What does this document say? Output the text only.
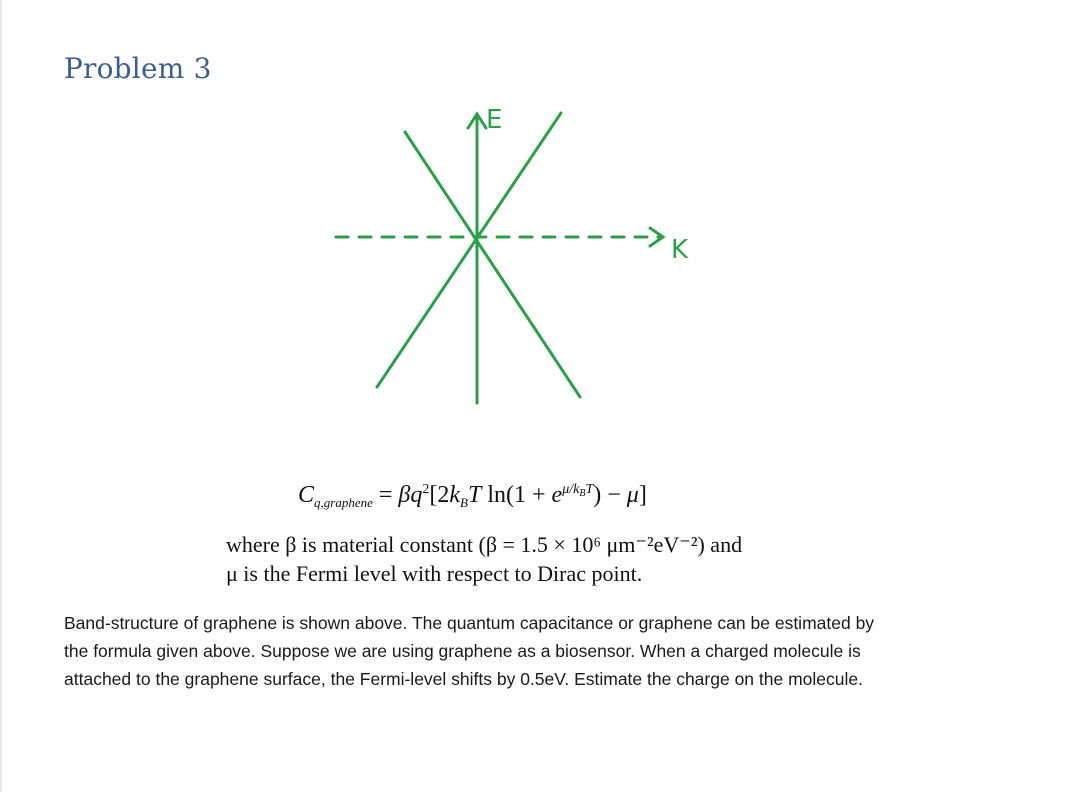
Problem 3
E
K
$C_{q,graphene} = \beta q^2[2k_BT$ $\ln(1 + e^{\mu/k_BT}) - \mu$]
where β is material constant (β = 1.5 × 10⁶ μm⁻²eV⁻²) and
μ is the Fermi level with respect to Dirac point.
Band-structure of graphene is shown above. The quantum capacitance or graphene can be estimated by
the formula given above. Suppose we are using graphene as a biosensor. When a charged molecule is
attached to the graphene surface, the Fermi-level shifts by 0.5eV. Estimate the charge on the molecule.
